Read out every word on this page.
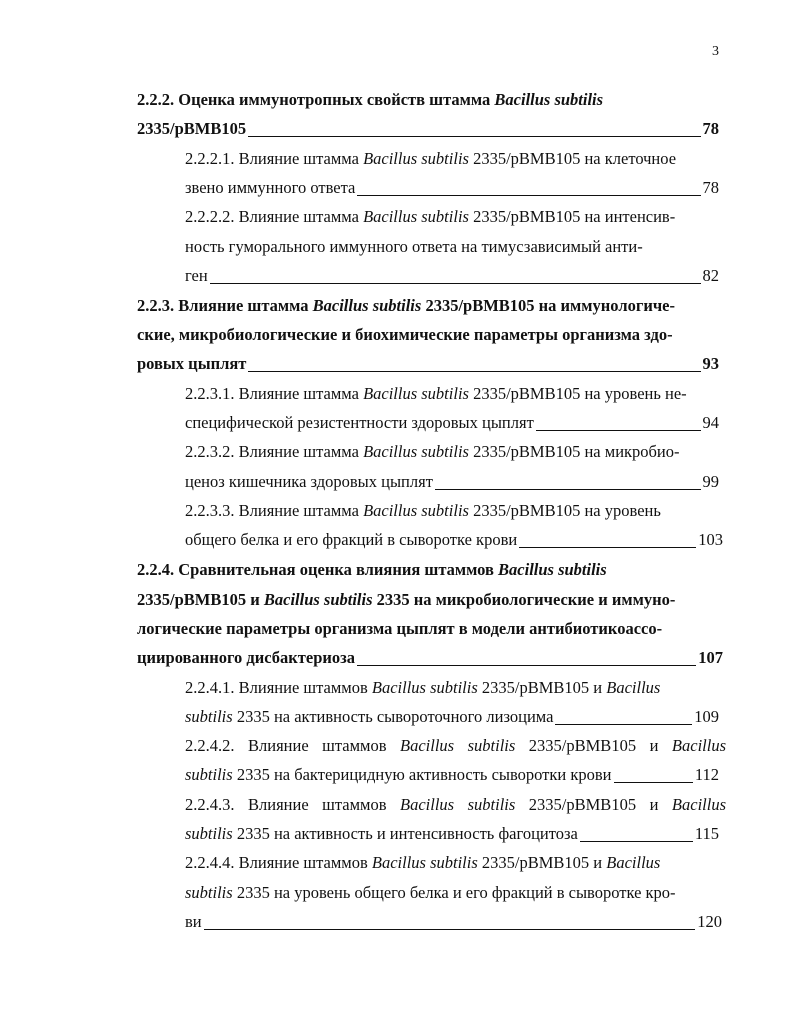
3
2.2.2. Оценка иммунотропных свойств штамма Bacillus subtilis
2335/pBMB105	78
2.2.2.1. Влияние штамма Bacillus subtilis 2335/pBMB105 на клеточное
звено иммунного ответа	78
2.2.2.2. Влияние штамма Bacillus subtilis 2335/pBMB105 на интенсив-
ность гуморального иммунного ответа на тимусзависимый анти-
ген	82
2.2.3. Влияние штамма Bacillus subtilis 2335/pBMB105 на иммунологиче-
ские, микробиологические и биохимические параметры организма здо-
ровых цыплят	93
2.2.3.1. Влияние штамма Bacillus subtilis 2335/pBMB105 на уровень не-
специфической резистентности здоровых цыплят	94
2.2.3.2. Влияние штамма Bacillus subtilis 2335/pBMB105 на микробио-
ценоз кишечника здоровых цыплят	99
2.2.3.3. Влияние штамма Bacillus subtilis 2335/pBMB105 на уровень
общего белка и его фракций в сыворотке крови	103
2.2.4. Сравнительная оценка влияния штаммов Bacillus subtilis
2335/pBMB105 и Bacillus subtilis 2335 на микробиологические и иммуно-
логические параметры организма цыплят в модели антибиотикоассо-
циированного дисбактериоза	107
2.2.4.1. Влияние штаммов Bacillus subtilis 2335/pBMB105 и Bacillus
subtilis 2335 на активность сывороточного лизоцима	109
2.2.4.2. Влияние штаммов Bacillus subtilis 2335/pBMB105 и Bacillus
subtilis 2335 на бактерицидную активность сыворотки крови	112
2.2.4.3. Влияние штаммов Bacillus subtilis 2335/pBMB105 и Bacillus
subtilis 2335 на активность и интенсивность фагоцитоза	115
2.2.4.4. Влияние штаммов Bacillus subtilis 2335/pBMB105 и Bacillus
subtilis 2335 на уровень общего белка и его фракций в сыворотке кро-
ви	120
